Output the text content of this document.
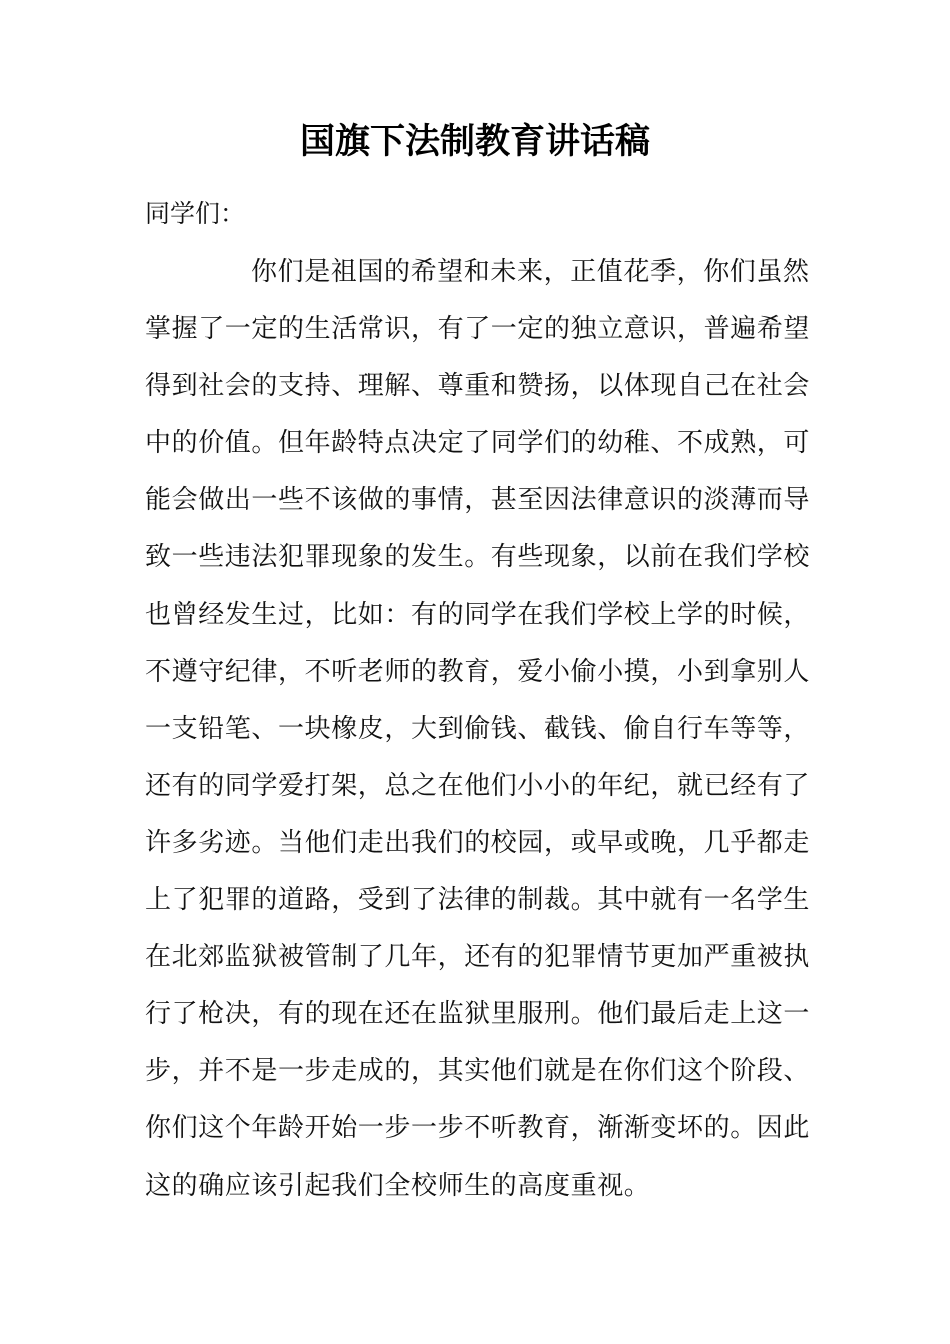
国旗下法制教育讲话稿
同学们：
你们是祖国的希望和未来，正值花季，你们虽然
掌握了一定的生活常识，有了一定的独立意识，普遍希望
得到社会的支持、理解、尊重和赞扬，以体现自己在社会
中的价值。但年龄特点决定了同学们的幼稚、不成熟，可
能会做出一些不该做的事情，甚至因法律意识的淡薄而导
致一些违法犯罪现象的发生。有些现象，以前在我们学校
也曾经发生过，比如：有的同学在我们学校上学的时候，
不遵守纪律，不听老师的教育，爱小偷小摸，小到拿别人
一支铅笔、一块橡皮，大到偷钱、截钱、偷自行车等等，
还有的同学爱打架，总之在他们小小的年纪，就已经有了
许多劣迹。当他们走出我们的校园，或早或晚，几乎都走
上了犯罪的道路，受到了法律的制裁。其中就有一名学生
在北郊监狱被管制了几年，还有的犯罪情节更加严重被执
行了枪决，有的现在还在监狱里服刑。他们最后走上这一
步，并不是一步走成的，其实他们就是在你们这个阶段、
你们这个年龄开始一步一步不听教育，渐渐变坏的。因此
这的确应该引起我们全校师生的高度重视。
